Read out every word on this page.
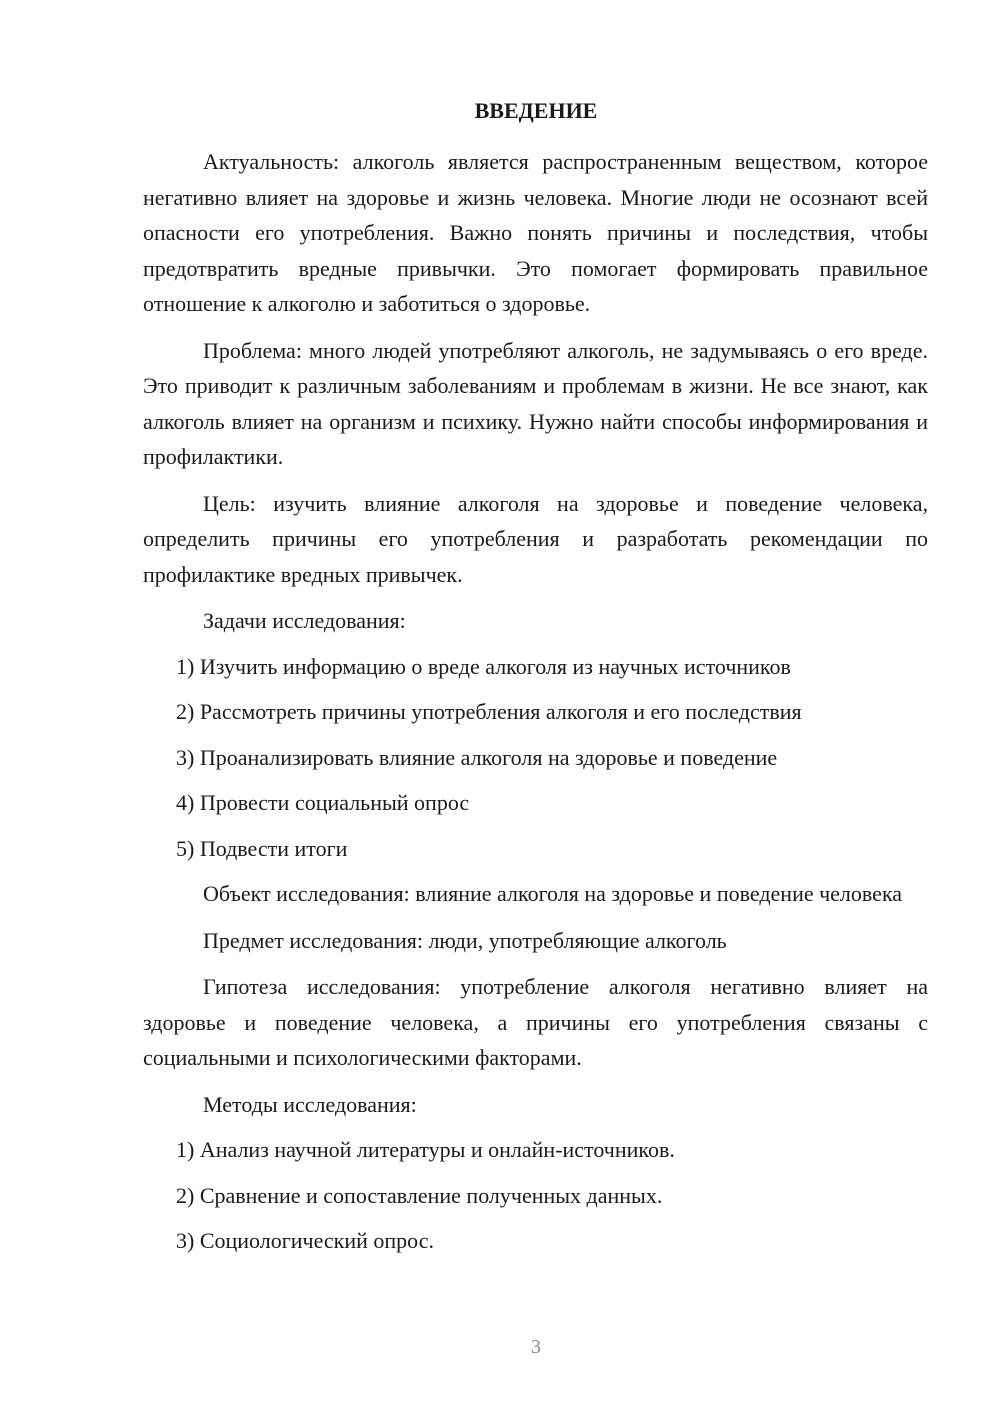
ВВЕДЕНИЕ

Актуальность: алкоголь является распространенным веществом, которое негативно влияет на здоровье и жизнь человека. Многие люди не осознают всей опасности его употребления. Важно понять причины и последствия, чтобы предотвратить вредные привычки. Это помогает формировать правильное отношение к алкоголю и заботиться о здоровье.

Проблема: много людей употребляют алкоголь, не задумываясь о его вреде. Это приводит к различным заболеваниям и проблемам в жизни. Не все знают, как алкоголь влияет на организм и психику. Нужно найти способы информирования и профилактики.

Цель: изучить влияние алкоголя на здоровье и поведение человека, определить причины его употребления и разработать рекомендации по профилактике вредных привычек.

Задачи исследования:

1) Изучить информацию о вреде алкоголя из научных источников
2) Рассмотреть причины употребления алкоголя и его последствия
3) Проанализировать влияние алкоголя на здоровье и поведение
4) Провести социальный опрос
5) Подвести итоги

Объект исследования: влияние алкоголя на здоровье и поведение человека

Предмет исследования: люди, употребляющие алкоголь

Гипотеза исследования: употребление алкоголя негативно влияет на здоровье и поведение человека, а причины его употребления связаны с социальными и психологическими факторами.

Методы исследования:

1) Анализ научной литературы и онлайн-источников.
2) Сравнение и сопоставление полученных данных.
3) Социологический опрос.
3
